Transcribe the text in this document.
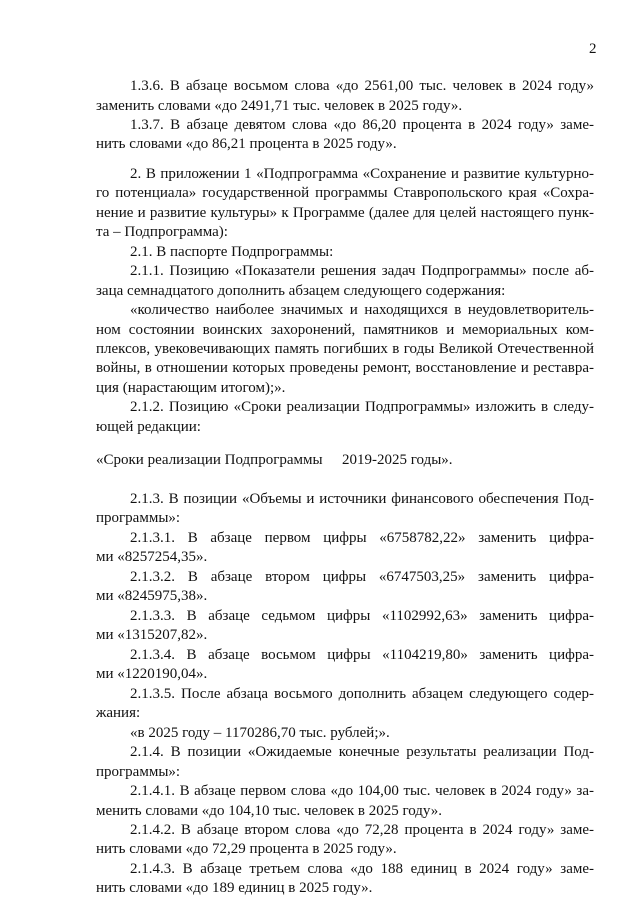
2
1.3.6. В абзаце восьмом слова «до 2561,00 тыс. человек в 2024 году»
заменить словами «до 2491,71 тыс. человек в 2025 году».
1.3.7. В абзаце девятом слова «до 86,20 процента в 2024 году» заме-
нить словами «до 86,21 процента в 2025 году».
2. В приложении 1 «Подпрограмма «Сохранение и развитие культурно-
го потенциала» государственной программы Ставропольского края «Сохра-
нение и развитие культуры» к Программе (далее для целей настоящего пунк-
та – Подпрограмма):
2.1. В паспорте Подпрограммы:
2.1.1. Позицию «Показатели решения задач Подпрограммы» после аб-
заца семнадцатого дополнить абзацем следующего содержания:
«количество наиболее значимых и находящихся в неудовлетворитель-
ном состоянии воинских захоронений, памятников и мемориальных ком-
плексов, увековечивающих память погибших в годы Великой Отечественной
войны, в отношении которых проведены ремонт, восстановление и реставра-
ция (нарастающим итогом);».
2.1.2. Позицию «Сроки реализации Подпрограммы» изложить в следу-
ющей редакции:
«Сроки реализации Подпрограммы 2019-2025 годы».
2.1.3. В позиции «Объемы и источники финансового обеспечения Под-
программы»:
2.1.3.1. В абзаце первом цифры «6758782,22» заменить цифра-
ми «8257254,35».
2.1.3.2. В абзаце втором цифры «6747503,25» заменить цифра-
ми «8245975,38».
2.1.3.3. В абзаце седьмом цифры «1102992,63» заменить цифра-
ми «1315207,82».
2.1.3.4. В абзаце восьмом цифры «1104219,80» заменить цифра-
ми «1220190,04».
2.1.3.5. После абзаца восьмого дополнить абзацем следующего содер-
жания:
«в 2025 году – 1170286,70 тыс. рублей;».
2.1.4. В позиции «Ожидаемые конечные результаты реализации Под-
программы»:
2.1.4.1. В абзаце первом слова «до 104,00 тыс. человек в 2024 году» за-
менить словами «до 104,10 тыс. человек в 2025 году».
2.1.4.2. В абзаце втором слова «до 72,28 процента в 2024 году» заме-
нить словами «до 72,29 процента в 2025 году».
2.1.4.3. В абзаце третьем слова «до 188 единиц в 2024 году» заме-
нить словами «до 189 единиц в 2025 году».
